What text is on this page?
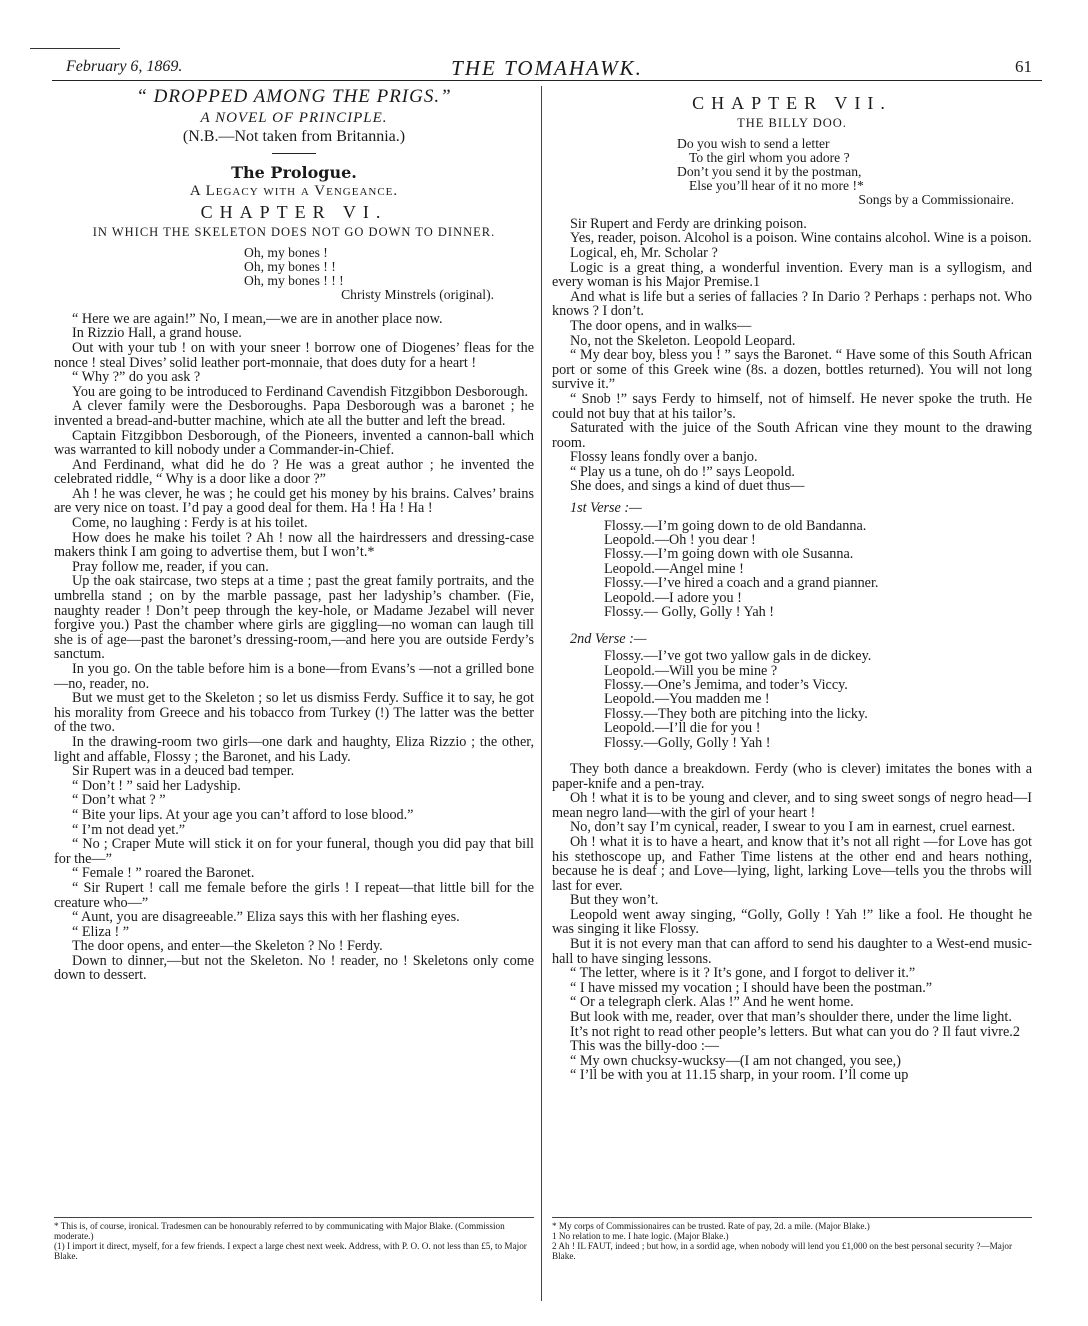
February 6, 1869.	THE TOMAHAWK.	61
“ DROPPED AMONG THE PRIGS.”
A NOVEL OF PRINCIPLE.
(N.B.—Not taken from Britannia.)
The Prologue.
A Legacy with a Vengeance.
CHAPTER VI.
IN WHICH THE SKELETON DOES NOT GO DOWN TO DINNER.
Oh, my bones !
Oh, my bones ! !
Oh, my bones ! ! !
Christy Minstrels (original).
“ Here we are again!” No, I mean,—we are in another place now.
In Rizzio Hall, a grand house.
Out with your tub ! on with your sneer ! borrow one of Diogenes’ fleas for the nonce ! steal Dives’ solid leather port-monnaie, that does duty for a heart !
“ Why ?” do you ask ?
You are going to be introduced to Ferdinand Cavendish Fitzgibbon Desborough.
A clever family were the Desboroughs. Papa Desborough was a baronet ; he invented a bread-and-butter machine, which ate all the butter and left the bread.
Captain Fitzgibbon Desborough, of the Pioneers, invented a cannon-ball which was warranted to kill nobody under a Commander-in-Chief.
And Ferdinand, what did he do ? He was a great author ; he invented the celebrated riddle, “ Why is a door like a door ?”
Ah ! he was clever, he was ; he could get his money by his brains. Calves’ brains are very nice on toast. I’d pay a good deal for them. Ha ! Ha ! Ha !
Come, no laughing : Ferdy is at his toilet.
How does he make his toilet ? Ah ! now all the hairdressers and dressing-case makers think I am going to advertise them, but I won’t.*
Pray follow me, reader, if you can.
Up the oak staircase, two steps at a time ; past the great family portraits, and the umbrella stand ; on by the marble passage, past her ladyship’s chamber. (Fie, naughty reader ! Don’t peep through the key-hole, or Madame Jezabel will never forgive you.) Past the chamber where girls are giggling—no woman can laugh till she is of age—past the baronet’s dressing-room,—and here you are outside Ferdy’s sanctum.
In you go. On the table before him is a bone—from Evans’s —not a grilled bone—no, reader, no.
But we must get to the Skeleton ; so let us dismiss Ferdy. Suffice it to say, he got his morality from Greece and his tobacco from Turkey (!) The latter was the better of the two.
In the drawing-room two girls—one dark and haughty, Eliza Rizzio ; the other, light and affable, Flossy ; the Baronet, and his Lady.
Sir Rupert was in a deuced bad temper.
“ Don’t ! ” said her Ladyship.
“ Don’t what ? ”
“ Bite your lips. At your age you can’t afford to lose blood.”
“ I’m not dead yet.”
“ No ; Craper Mute will stick it on for your funeral, though you did pay that bill for the—”
“ Female ! ” roared the Baronet.
“ Sir Rupert ! call me female before the girls ! I repeat—that little bill for the creature who—”
“ Aunt, you are disagreeable.” Eliza says this with her flashing eyes.
“ Eliza ! ”
The door opens, and enter—the Skeleton ? No ! Ferdy.
Down to dinner,—but not the Skeleton. No ! reader, no ! Skeletons only come down to dessert.
* This is, of course, ironical. Tradesmen can be honourably referred to by communicating with Major Blake. (Commission moderate.)
(1) I import it direct, myself, for a few friends. I expect a large chest next week. Address, with P. O. O. not less than £5, to Major Blake.
CHAPTER VII.
THE BILLY DOO.
Do you wish to send a letter
To the girl whom you adore ?
Don’t you send it by the postman,
Else you’ll hear of it no more !*
Songs by a Commissionaire.
Sir Rupert and Ferdy are drinking poison.
Yes, reader, poison. Alcohol is a poison. Wine contains alcohol. Wine is a poison.
Logical, eh, Mr. Scholar ?
Logic is a great thing, a wonderful invention. Every man is a syllogism, and every woman is his Major Premise.1
And what is life but a series of fallacies ? In Dario ? Perhaps : perhaps not. Who knows ? I don’t.
The door opens, and in walks—
No, not the Skeleton. Leopold Leopard.
“ My dear boy, bless you ! ” says the Baronet. “ Have some of this South African port or some of this Greek wine (8s. a dozen, bottles returned). You will not long survive it.”
“ Snob !” says Ferdy to himself, not of himself. He never spoke the truth. He could not buy that at his tailor’s.
Saturated with the juice of the South African vine they mount to the drawing room.
Flossy leans fondly over a banjo.
“ Play us a tune, oh do !” says Leopold.
She does, and sings a kind of duet thus—
1st Verse :—
Flossy.—I’m going down to de old Bandanna.
Leopold.—Oh ! you dear !
Flossy.—I’m going down with ole Susanna.
Leopold.—Angel mine !
Flossy.—I’ve hired a coach and a grand pianner.
Leopold.—I adore you !
Flossy.— Golly, Golly ! Yah !
2nd Verse :—
Flossy.—I’ve got two yallow gals in de dickey.
Leopold.—Will you be mine ?
Flossy.—One’s Jemima, and toder’s Viccy.
Leopold.—You madden me !
Flossy.—They both are pitching into the licky.
Leopold.—I’ll die for you !
Flossy.—Golly, Golly ! Yah !
They both dance a breakdown. Ferdy (who is clever) imitates the bones with a paper-knife and a pen-tray.
Oh ! what it is to be young and clever, and to sing sweet songs of negro head—I mean negro land—with the girl of your heart !
No, don’t say I’m cynical, reader, I swear to you I am in earnest, cruel earnest.
Oh ! what it is to have a heart, and know that it’s not all right —for Love has got his stethoscope up, and Father Time listens at the other end and hears nothing, because he is deaf ; and Love—lying, light, larking Love—tells you the throbs will last for ever.
But they won’t.
Leopold went away singing, “Golly, Golly ! Yah !” like a fool. He thought he was singing it like Flossy.
But it is not every man that can afford to send his daughter to a West-end music-hall to have singing lessons.
“ The letter, where is it ? It’s gone, and I forgot to deliver it.”
“ I have missed my vocation ; I should have been the postman.”
“ Or a telegraph clerk. Alas !” And he went home.
But look with me, reader, over that man’s shoulder there, under the lime light.
It’s not right to read other people’s letters. But what can you do ? Il faut vivre.2
This was the billy-doo :—
“ My own chucksy-wucksy—(I am not changed, you see,)
“ I’ll be with you at 11.15 sharp, in your room. I’ll come up
* My corps of Commissionaires can be trusted. Rate of pay, 2d. a mile. (Major Blake.)
1 No relation to me. I hate logic. (Major Blake.)
2 Ah ! IL FAUT, indeed ; but how, in a sordid age, when nobody will lend you £1,000 on the best personal security ?—Major Blake.
